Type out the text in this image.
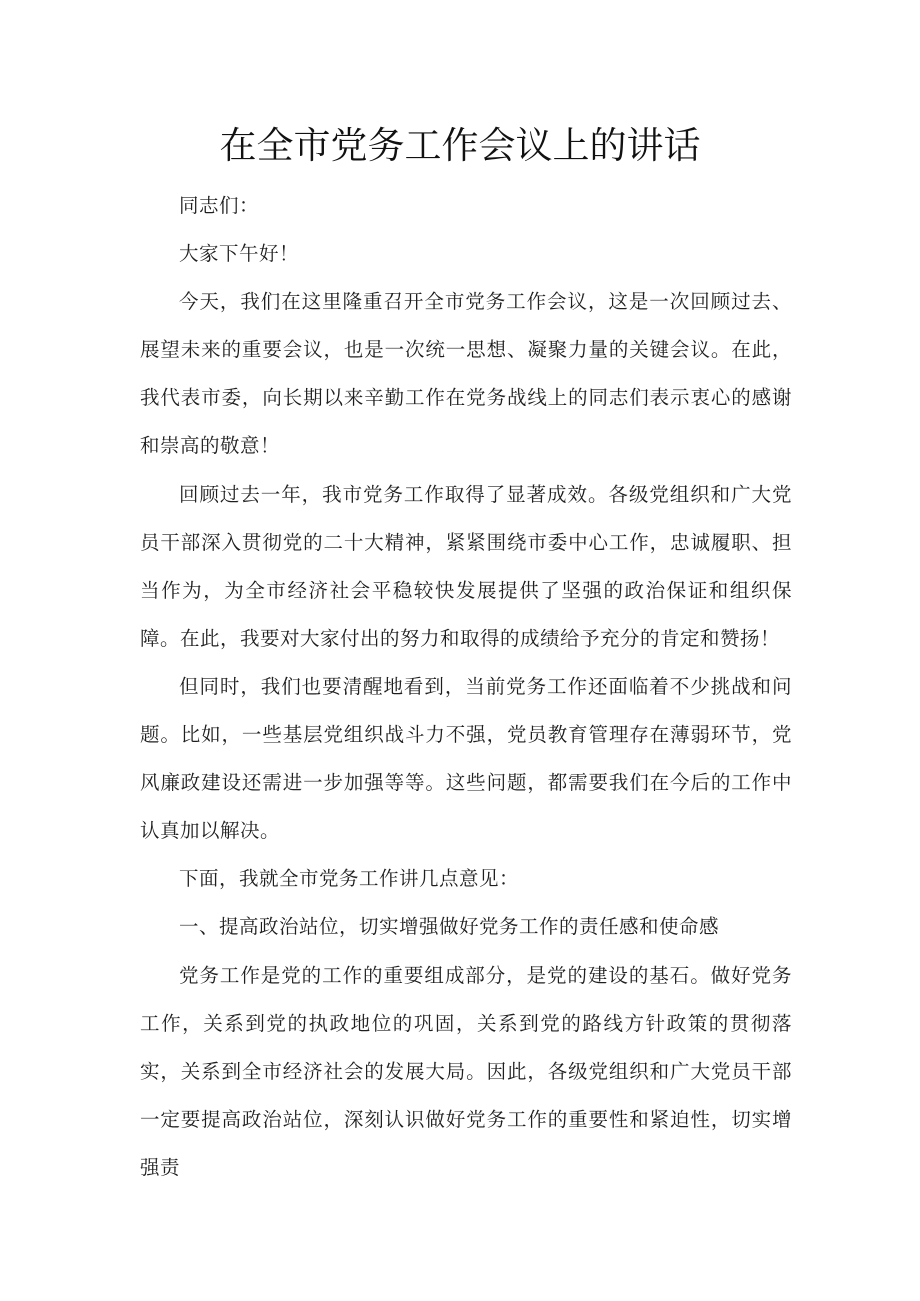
在全市党务工作会议上的讲话

同志们：

大家下午好！

今天，我们在这里隆重召开全市党务工作会议，这是一次回顾过去、展望未来的重要会议，也是一次统一思想、凝聚力量的关键会议。在此，我代表市委，向长期以来辛勤工作在党务战线上的同志们表示衷心的感谢和崇高的敬意！

回顾过去一年，我市党务工作取得了显著成效。各级党组织和广大党员干部深入贯彻党的二十大精神，紧紧围绕市委中心工作，忠诚履职、担当作为，为全市经济社会平稳较快发展提供了坚强的政治保证和组织保障。在此，我要对大家付出的努力和取得的成绩给予充分的肯定和赞扬！

但同时，我们也要清醒地看到，当前党务工作还面临着不少挑战和问题。比如，一些基层党组织战斗力不强，党员教育管理存在薄弱环节，党风廉政建设还需进一步加强等等。这些问题，都需要我们在今后的工作中认真加以解决。

下面，我就全市党务工作讲几点意见：

一、提高政治站位，切实增强做好党务工作的责任感和使命感

党务工作是党的工作的重要组成部分，是党的建设的基石。做好党务工作，关系到党的执政地位的巩固，关系到党的路线方针政策的贯彻落实，关系到全市经济社会的发展大局。因此，各级党组织和广大党员干部一定要提高政治站位，深刻认识做好党务工作的重要性和紧迫性，切实增强责
